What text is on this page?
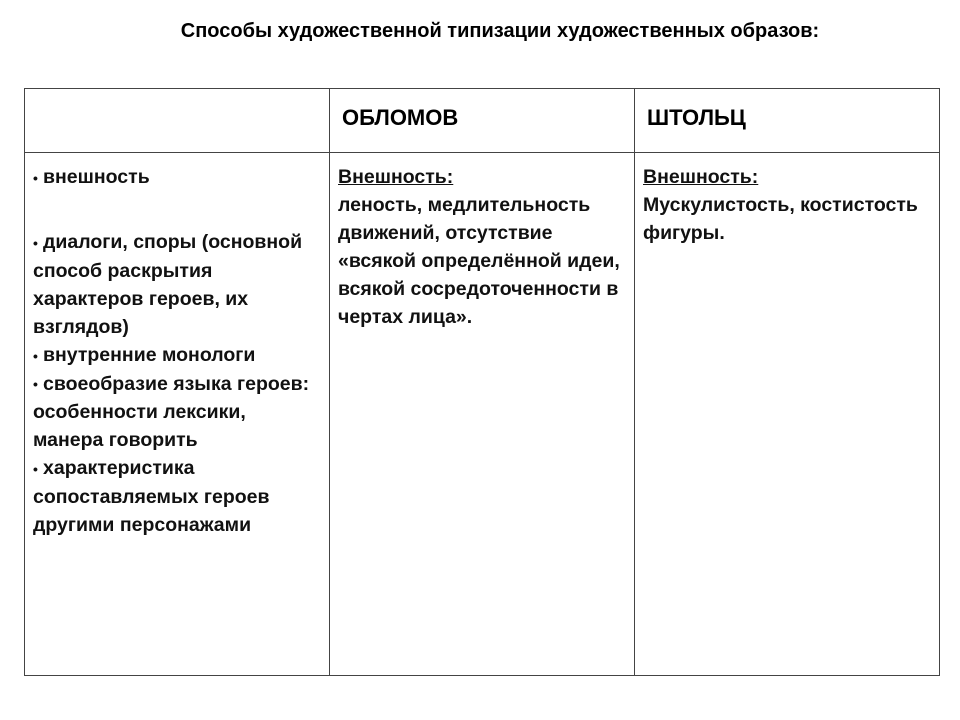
Способы художественной типизации художественных образов:
ОБЛОМОВ	ШТОЛЬЦ
• внешность
• диалоги, споры (основной способ раскрытия характеров героев, их взглядов)
• внутренние монологи
• своеобразие языка героев: особенности лексики, манера говорить
• характеристика сопоставляемых героев другими персонажами

Внешность:

леность, медлительность движений, отсутствие «всякой определённой идеи, всякой сосредоточенности в чертах лица».

Внешность:

Мускулистость, костистость фигуры.
